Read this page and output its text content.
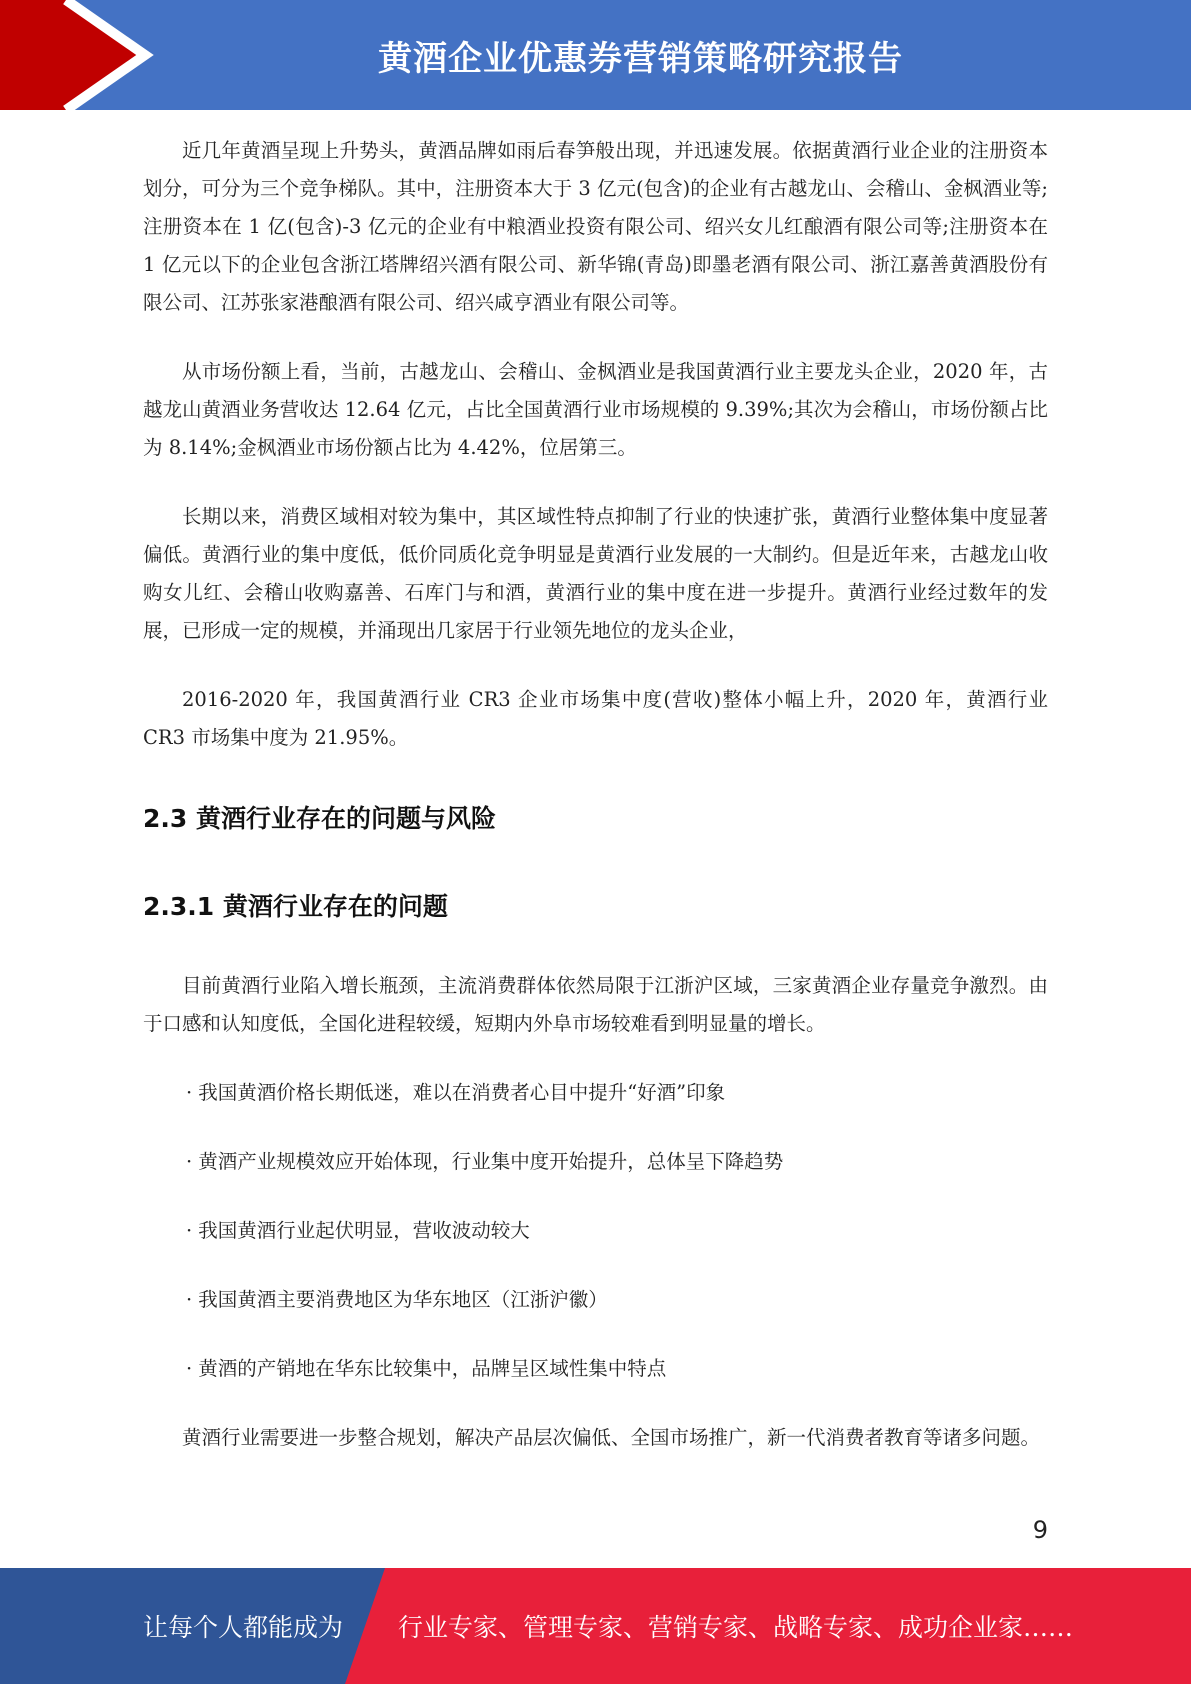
黄酒企业优惠券营销策略研究报告

近几年黄酒呈现上升势头，黄酒品牌如雨后春笋般出现，并迅速发展。依据黄酒行业企业的注册资本划分，可分为三个竞争梯队。其中，注册资本大于 3 亿元(包含)的企业有古越龙山、会稽山、金枫酒业等;注册资本在 1 亿(包含)-3 亿元的企业有中粮酒业投资有限公司、绍兴女儿红酿酒有限公司等;注册资本在 1 亿元以下的企业包含浙江塔牌绍兴酒有限公司、新华锦(青岛)即墨老酒有限公司、浙江嘉善黄酒股份有限公司、江苏张家港酿酒有限公司、绍兴咸亨酒业有限公司等。

从市场份额上看，当前，古越龙山、会稽山、金枫酒业是我国黄酒行业主要龙头企业，2020 年，古越龙山黄酒业务营收达 12.64 亿元，占比全国黄酒行业市场规模的 9.39%;其次为会稽山，市场份额占比为 8.14%;金枫酒业市场份额占比为 4.42%，位居第三。

长期以来，消费区域相对较为集中，其区域性特点抑制了行业的快速扩张，黄酒行业整体集中度显著偏低。黄酒行业的集中度低，低价同质化竞争明显是黄酒行业发展的一大制约。但是近年来，古越龙山收购女儿红、会稽山收购嘉善、石库门与和酒，黄酒行业的集中度在进一步提升。黄酒行业经过数年的发展，已形成一定的规模，并涌现出几家居于行业领先地位的龙头企业，

2016-2020 年，我国黄酒行业 CR3 企业市场集中度(营收)整体小幅上升，2020 年，黄酒行业 CR3 市场集中度为 21.95%。

2.3 黄酒行业存在的问题与风险
2.3.1 黄酒行业存在的问题

目前黄酒行业陷入增长瓶颈，主流消费群体依然局限于江浙沪区域，三家黄酒企业存量竞争激烈。由于口感和认知度低，全国化进程较缓，短期内外阜市场较难看到明显量的增长。

· 我国黄酒价格长期低迷，难以在消费者心目中提升“好酒”印象
· 黄酒产业规模效应开始体现，行业集中度开始提升，总体呈下降趋势
· 我国黄酒行业起伏明显，营收波动较大
· 我国黄酒主要消费地区为华东地区（江浙沪徽）
· 黄酒的产销地在华东比较集中，品牌呈区域性集中特点

黄酒行业需要进一步整合规划，解决产品层次偏低、全国市场推广，新一代消费者教育等诸多问题。

9
让每个人都能成为 行业专家、管理专家、营销专家、战略专家、成功企业家……
